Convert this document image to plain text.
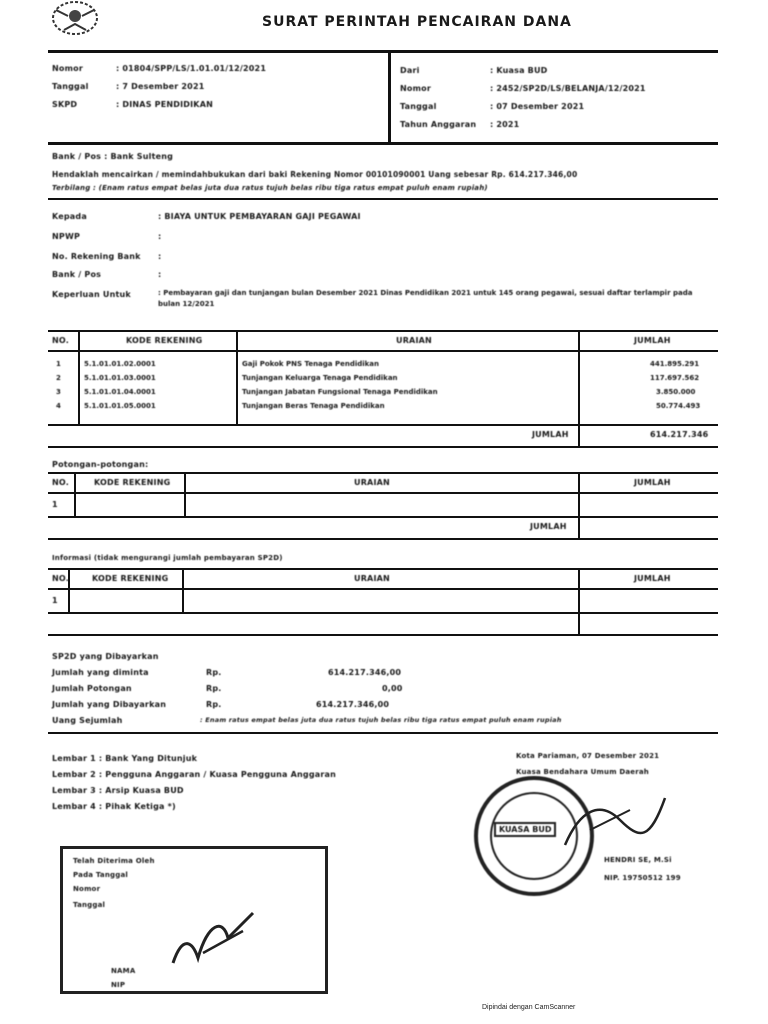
SURAT PERINTAH PENCAIRAN DANA
Nomor	: 01804/SPP/LS/1.01.01/12/2021
Tanggal	: 7 Desember 2021
SKPD	: DINAS PENDIDIKAN
Dari	: Kuasa BUD
Nomor	: 2452/SP2D/LS/BELANJA/12/2021
Tanggal	: 07 Desember 2021
Tahun Anggaran : 2021
Bank / Pos : Bank Sulteng
Hendaklah mencairkan / memindahbukukan dari baki Rekening Nomor 00101090001 Uang sebesar Rp. 614.217.346,00
Terbilang : (Enam ratus empat belas juta dua ratus tujuh belas ribu tiga ratus empat puluh enam rupiah)
Kepada	: BIAYA UNTUK PEMBAYARAN GAJI PEGAWAI
NPWP	:
No. Rekening Bank :
Bank / Pos	:
Keperluan Untuk	: Pembayaran gaji dan tunjangan bulan Desember 2021 Dinas Pendidikan 2021 untuk 145 orang pegawai, sesuai daftar terlampir pada bulan 12/2021
NO.	KODE REKENING	URAIAN	JUMLAH
1	5.1.01.01.02.0001	Gaji Pokok PNS Tenaga Pendidikan	441.895.291
2	5.1.01.01.03.0001	Tunjangan Keluarga Tenaga Pendidikan	117.697.562
3	5.1.01.01.04.0001	Tunjangan Jabatan Fungsional Tenaga Pendidikan	3.850.000
4	5.1.01.01.05.0001	Tunjangan Beras Tenaga Pendidikan	50.774.493
JUMLAH	614.217.346
Potongan-potongan:
NO.	KODE REKENING	URAIAN	JUMLAH
1
JUMLAH
Informasi (tidak mengurangi jumlah pembayaran SP2D)
NO.	KODE REKENING	URAIAN	JUMLAH
1
SP2D yang Dibayarkan
Jumlah yang diminta	Rp.	614.217.346,00
Jumlah Potongan	Rp.	0,00
Jumlah yang Dibayarkan	Rp.	614.217.346,00
Uang Sejumlah	: Enam ratus empat belas juta dua ratus tujuh belas ribu tiga ratus empat puluh enam rupiah
Lembar 1 : Bank Yang Ditunjuk
Lembar 2 : Pengguna Anggaran / Kuasa Pengguna Anggaran
Lembar 3 : Arsip Kuasa BUD
Lembar 4 : Pihak Ketiga *)
Kota Pariaman, 07 Desember 2021
Kuasa Bendahara Umum Daerah
KUASA BUD
HENDRI SE, M.Si
NIP. 19750512 199
Telah Diterima Oleh
Pada Tanggal
Nomor
Tanggal
NAMA
NIP
Dipindai dengan CamScanner
